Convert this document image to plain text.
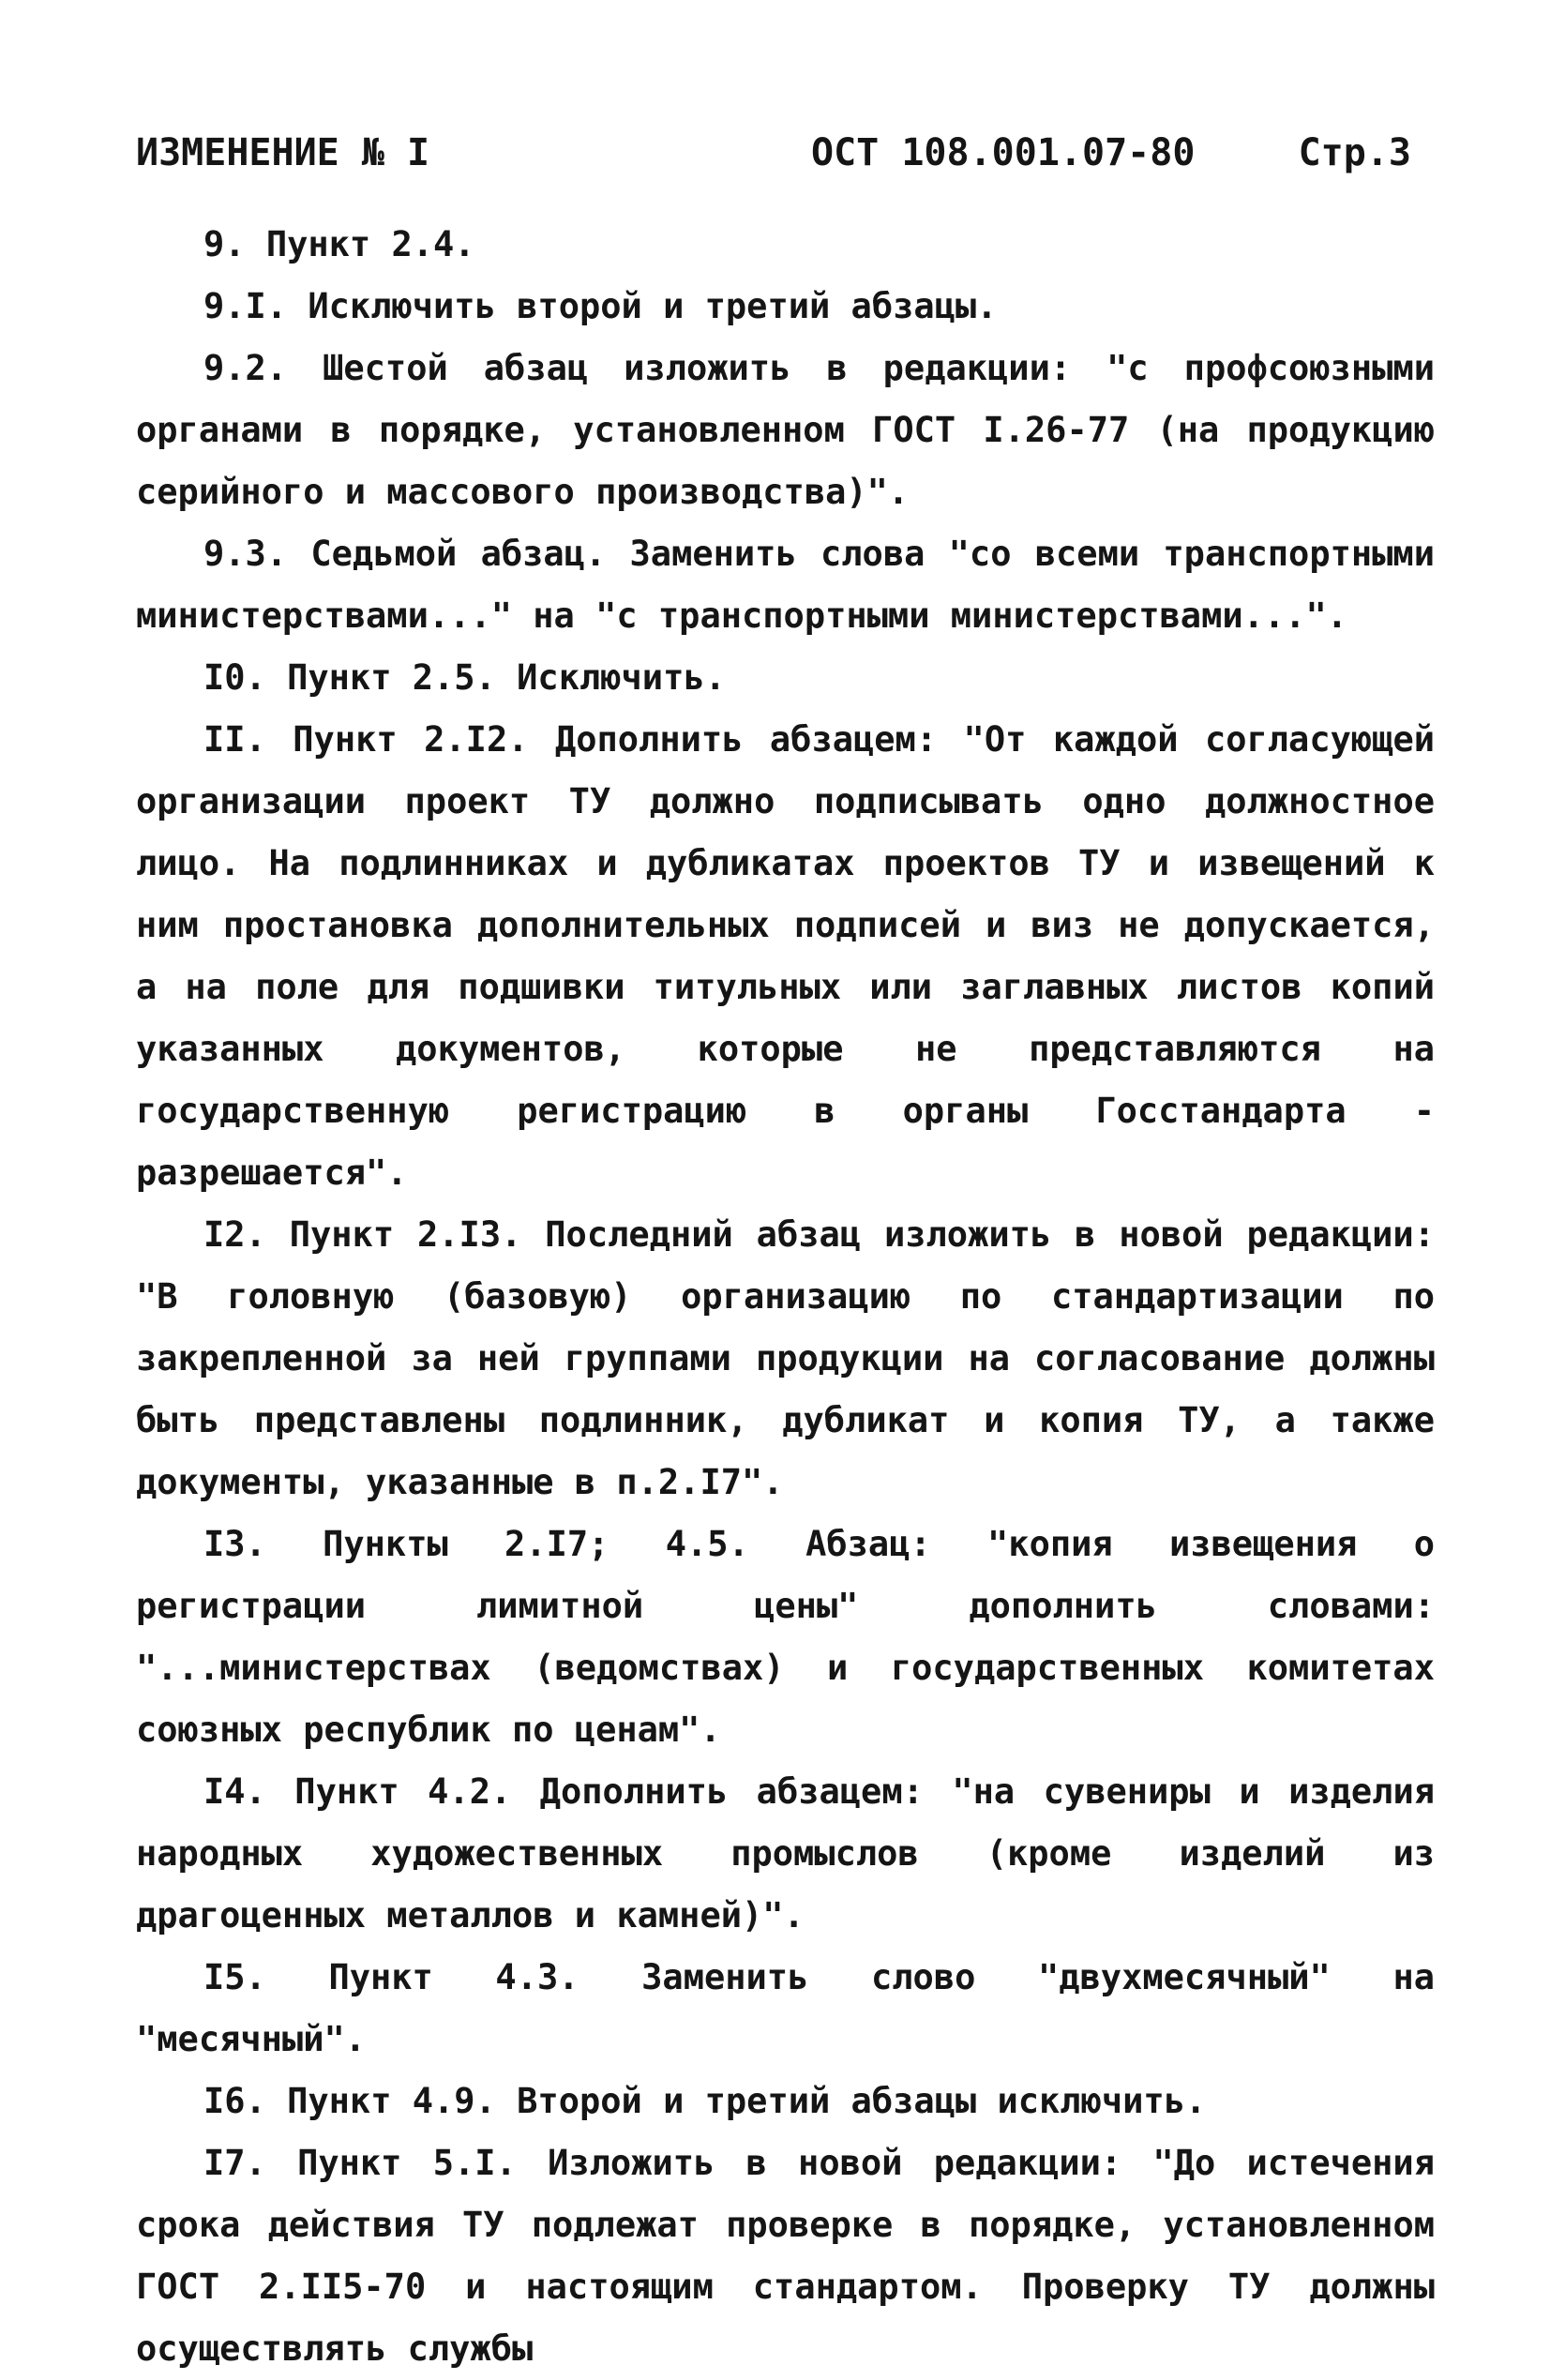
ИЗМЕНЕНИЕ № I	ОСТ 108.001.07-80	Стр.3

9. Пункт 2.4.

9.I. Исключить второй и третий абзацы.

9.2. Шестой абзац изложить в редакции: "с профсоюзными органами в порядке, установленном ГОСТ I.26-77 (на продукцию серийного и массового производства)".

9.3. Седьмой абзац. Заменить слова "со всеми транспортными министерствами..." на "с транспортными министерствами...".

I0. Пункт 2.5. Исключить.

II. Пункт 2.I2. Дополнить абзацем: "От каждой согласующей организации проект ТУ должно подписывать одно должностное лицо. На подлинниках и дубликатах проектов ТУ и извещений к ним простановка дополнительных подписей и виз не допускается, а на поле для подшивки титульных или заглавных листов копий указанных документов, которые не представляются на государственную регистрацию в органы Госстандарта - разрешается".

I2. Пункт 2.I3. Последний абзац изложить в новой редакции: "В головную (базовую) организацию по стандартизации по закрепленной за ней группами продукции на согласование должны быть представлены подлинник, дубликат и копия ТУ, а также документы, указанные в п.2.I7".

I3. Пункты 2.I7; 4.5. Абзац: "копия извещения о регистрации лимитной цены" дополнить словами: "...министерствах (ведомствах) и государственных комитетах союзных республик по ценам".

I4. Пункт 4.2. Дополнить абзацем: "на сувениры и изделия народных художественных промыслов (кроме изделий из драгоценных металлов и камней)".

I5. Пункт 4.3. Заменить слово "двухмесячный" на "месячный".

I6. Пункт 4.9. Второй и третий абзацы исключить.

I7. Пункт 5.I. Изложить в новой редакции: "До истечения срока действия ТУ подлежат проверке в порядке, установленном ГОСТ 2.II5-70 и настоящим стандартом. Проверку ТУ должны осуществлять службы
